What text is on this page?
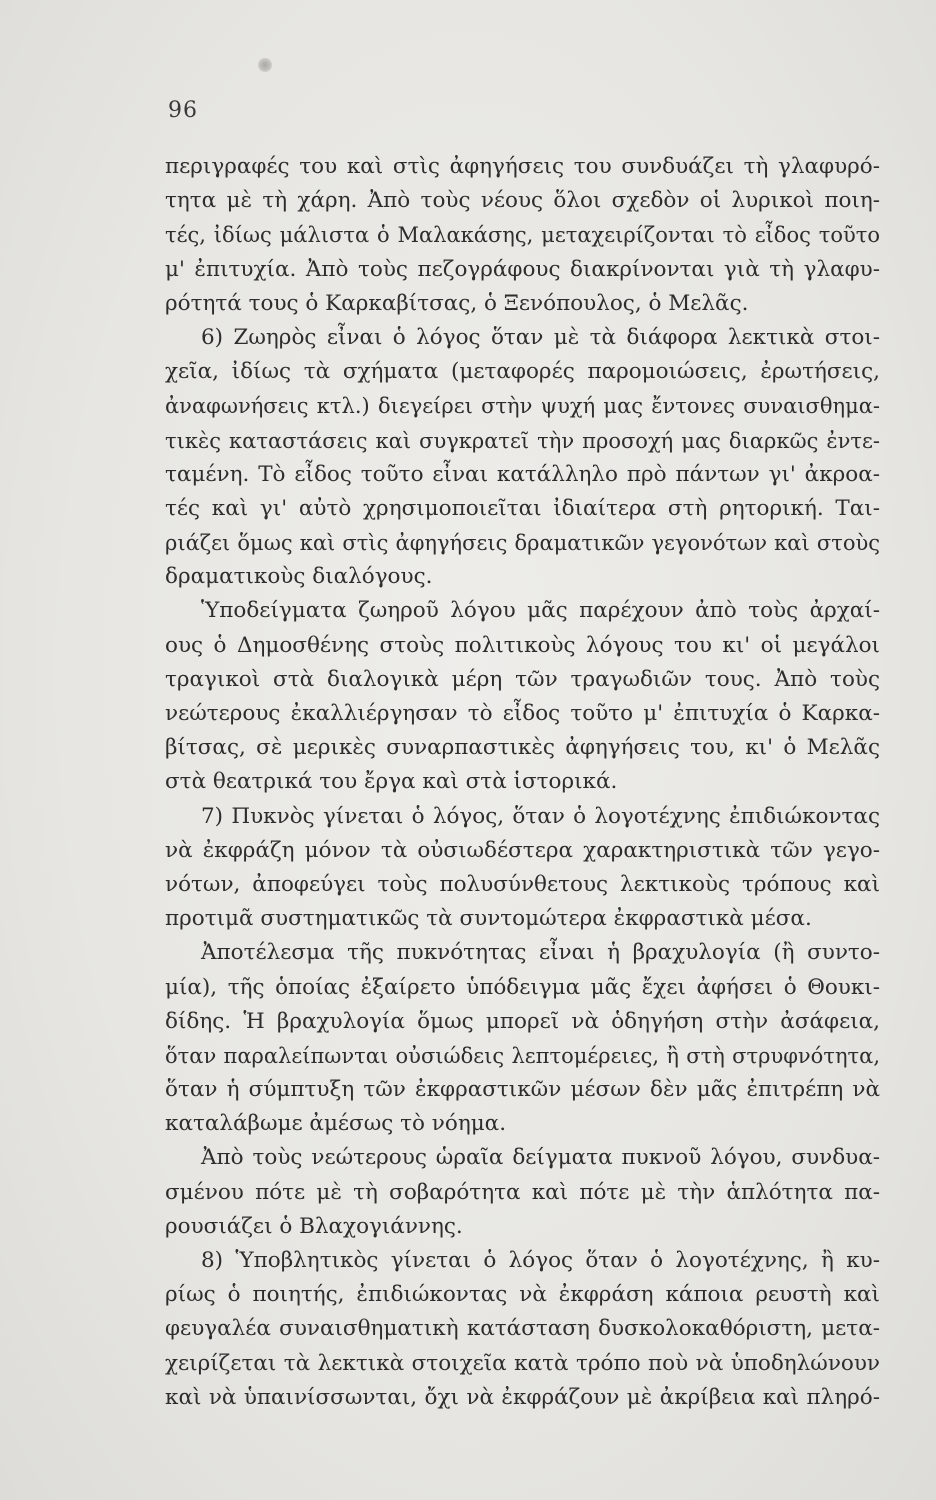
96
περιγραφές του καὶ στὶς ἀφηγήσεις του συνδυάζει τὴ γλαφυρό-
τητα μὲ τὴ χάρη. Ἀπὸ τοὺς νέους ὅλοι σχεδὸν οἱ λυρικοὶ ποιη-
τές, ἰδίως μάλιστα ὁ Μαλακάσης, μεταχειρίζονται τὸ εἶδος τοῦτο
μ' ἐπιτυχία. Ἀπὸ τοὺς πεζογράφους διακρίνονται γιὰ τὴ γλαφυ-
ρότητά τους ὁ Καρκαβίτσας, ὁ Ξενόπουλος, ὁ Μελᾶς.
6) Ζωηρὸς εἶναι ὁ λόγος ὅταν μὲ τὰ διάφορα λεκτικὰ στοι-
χεῖα, ἰδίως τὰ σχήματα (μεταφορές παρομοιώσεις, ἐρωτήσεις,
ἀναφωνήσεις κτλ.) διεγείρει στὴν ψυχή μας ἔντονες συναισθημα-
τικὲς καταστάσεις καὶ συγκρατεῖ τὴν προσοχή μας διαρκῶς ἐντε-
ταμένη. Τὸ εἶδος τοῦτο εἶναι κατάλληλο πρὸ πάντων γι' ἀκροα-
τές καὶ γι' αὐτὸ χρησιμοποιεῖται ἰδιαίτερα στὴ ρητορική. Ται-
ριάζει ὅμως καὶ στὶς ἀφηγήσεις δραματικῶν γεγονότων καὶ στοὺς
δραματικοὺς διαλόγους.
Ὑποδείγματα ζωηροῦ λόγου μᾶς παρέχουν ἀπὸ τοὺς ἀρχαί-
ους ὁ Δημοσθένης στοὺς πολιτικοὺς λόγους του κι' οἱ μεγάλοι
τραγικοὶ στὰ διαλογικὰ μέρη τῶν τραγωδιῶν τους. Ἀπὸ τοὺς
νεώτερους ἐκαλλιέργησαν τὸ εἶδος τοῦτο μ' ἐπιτυχία ὁ Καρκα-
βίτσας, σὲ μερικὲς συναρπαστικὲς ἀφηγήσεις του, κι' ὁ Μελᾶς
στὰ θεατρικά του ἔργα καὶ στὰ ἱστορικά.
7) Πυκνὸς γίνεται ὁ λόγος, ὅταν ὁ λογοτέχνης ἐπιδιώκοντας
νὰ ἐκφράζη μόνον τὰ οὐσιωδέστερα χαρακτηριστικὰ τῶν γεγο-
νότων, ἀποφεύγει τοὺς πολυσύνθετους λεκτικοὺς τρόπους καὶ
προτιμᾶ συστηματικῶς τὰ συντομώτερα ἐκφραστικὰ μέσα.
Ἀποτέλεσμα τῆς πυκνότητας εἶναι ἡ βραχυλογία (ἢ συντο-
μία), τῆς ὁποίας ἐξαίρετο ὑπόδειγμα μᾶς ἔχει ἀφήσει ὁ Θουκι-
δίδης. Ἡ βραχυλογία ὅμως μπορεῖ νὰ ὁδηγήση στὴν ἀσάφεια,
ὅταν παραλείπωνται οὐσιώδεις λεπτομέρειες, ἢ στὴ στρυφνότητα,
ὅταν ἡ σύμπτυξη τῶν ἐκφραστικῶν μέσων δὲν μᾶς ἐπιτρέπη νὰ
καταλάβωμε ἀμέσως τὸ νόημα.
Ἀπὸ τοὺς νεώτερους ὡραῖα δείγματα πυκνοῦ λόγου, συνδυα-
σμένου πότε μὲ τὴ σοβαρότητα καὶ πότε μὲ τὴν ἁπλότητα πα-
ρουσιάζει ὁ Βλαχογιάννης.
8) Ὑποβλητικὸς γίνεται ὁ λόγος ὅταν ὁ λογοτέχνης, ἢ κυ-
ρίως ὁ ποιητής, ἐπιδιώκοντας νὰ ἐκφράση κάποια ρευστὴ καὶ
φευγαλέα συναισθηματικὴ κατάσταση δυσκολοκαθόριστη, μετα-
χειρίζεται τὰ λεκτικὰ στοιχεῖα κατὰ τρόπο ποὺ νὰ ὑποδηλώνουν
καὶ νὰ ὑπαινίσσωνται, ὄχι νὰ ἐκφράζουν μὲ ἀκρίβεια καὶ πληρό-
